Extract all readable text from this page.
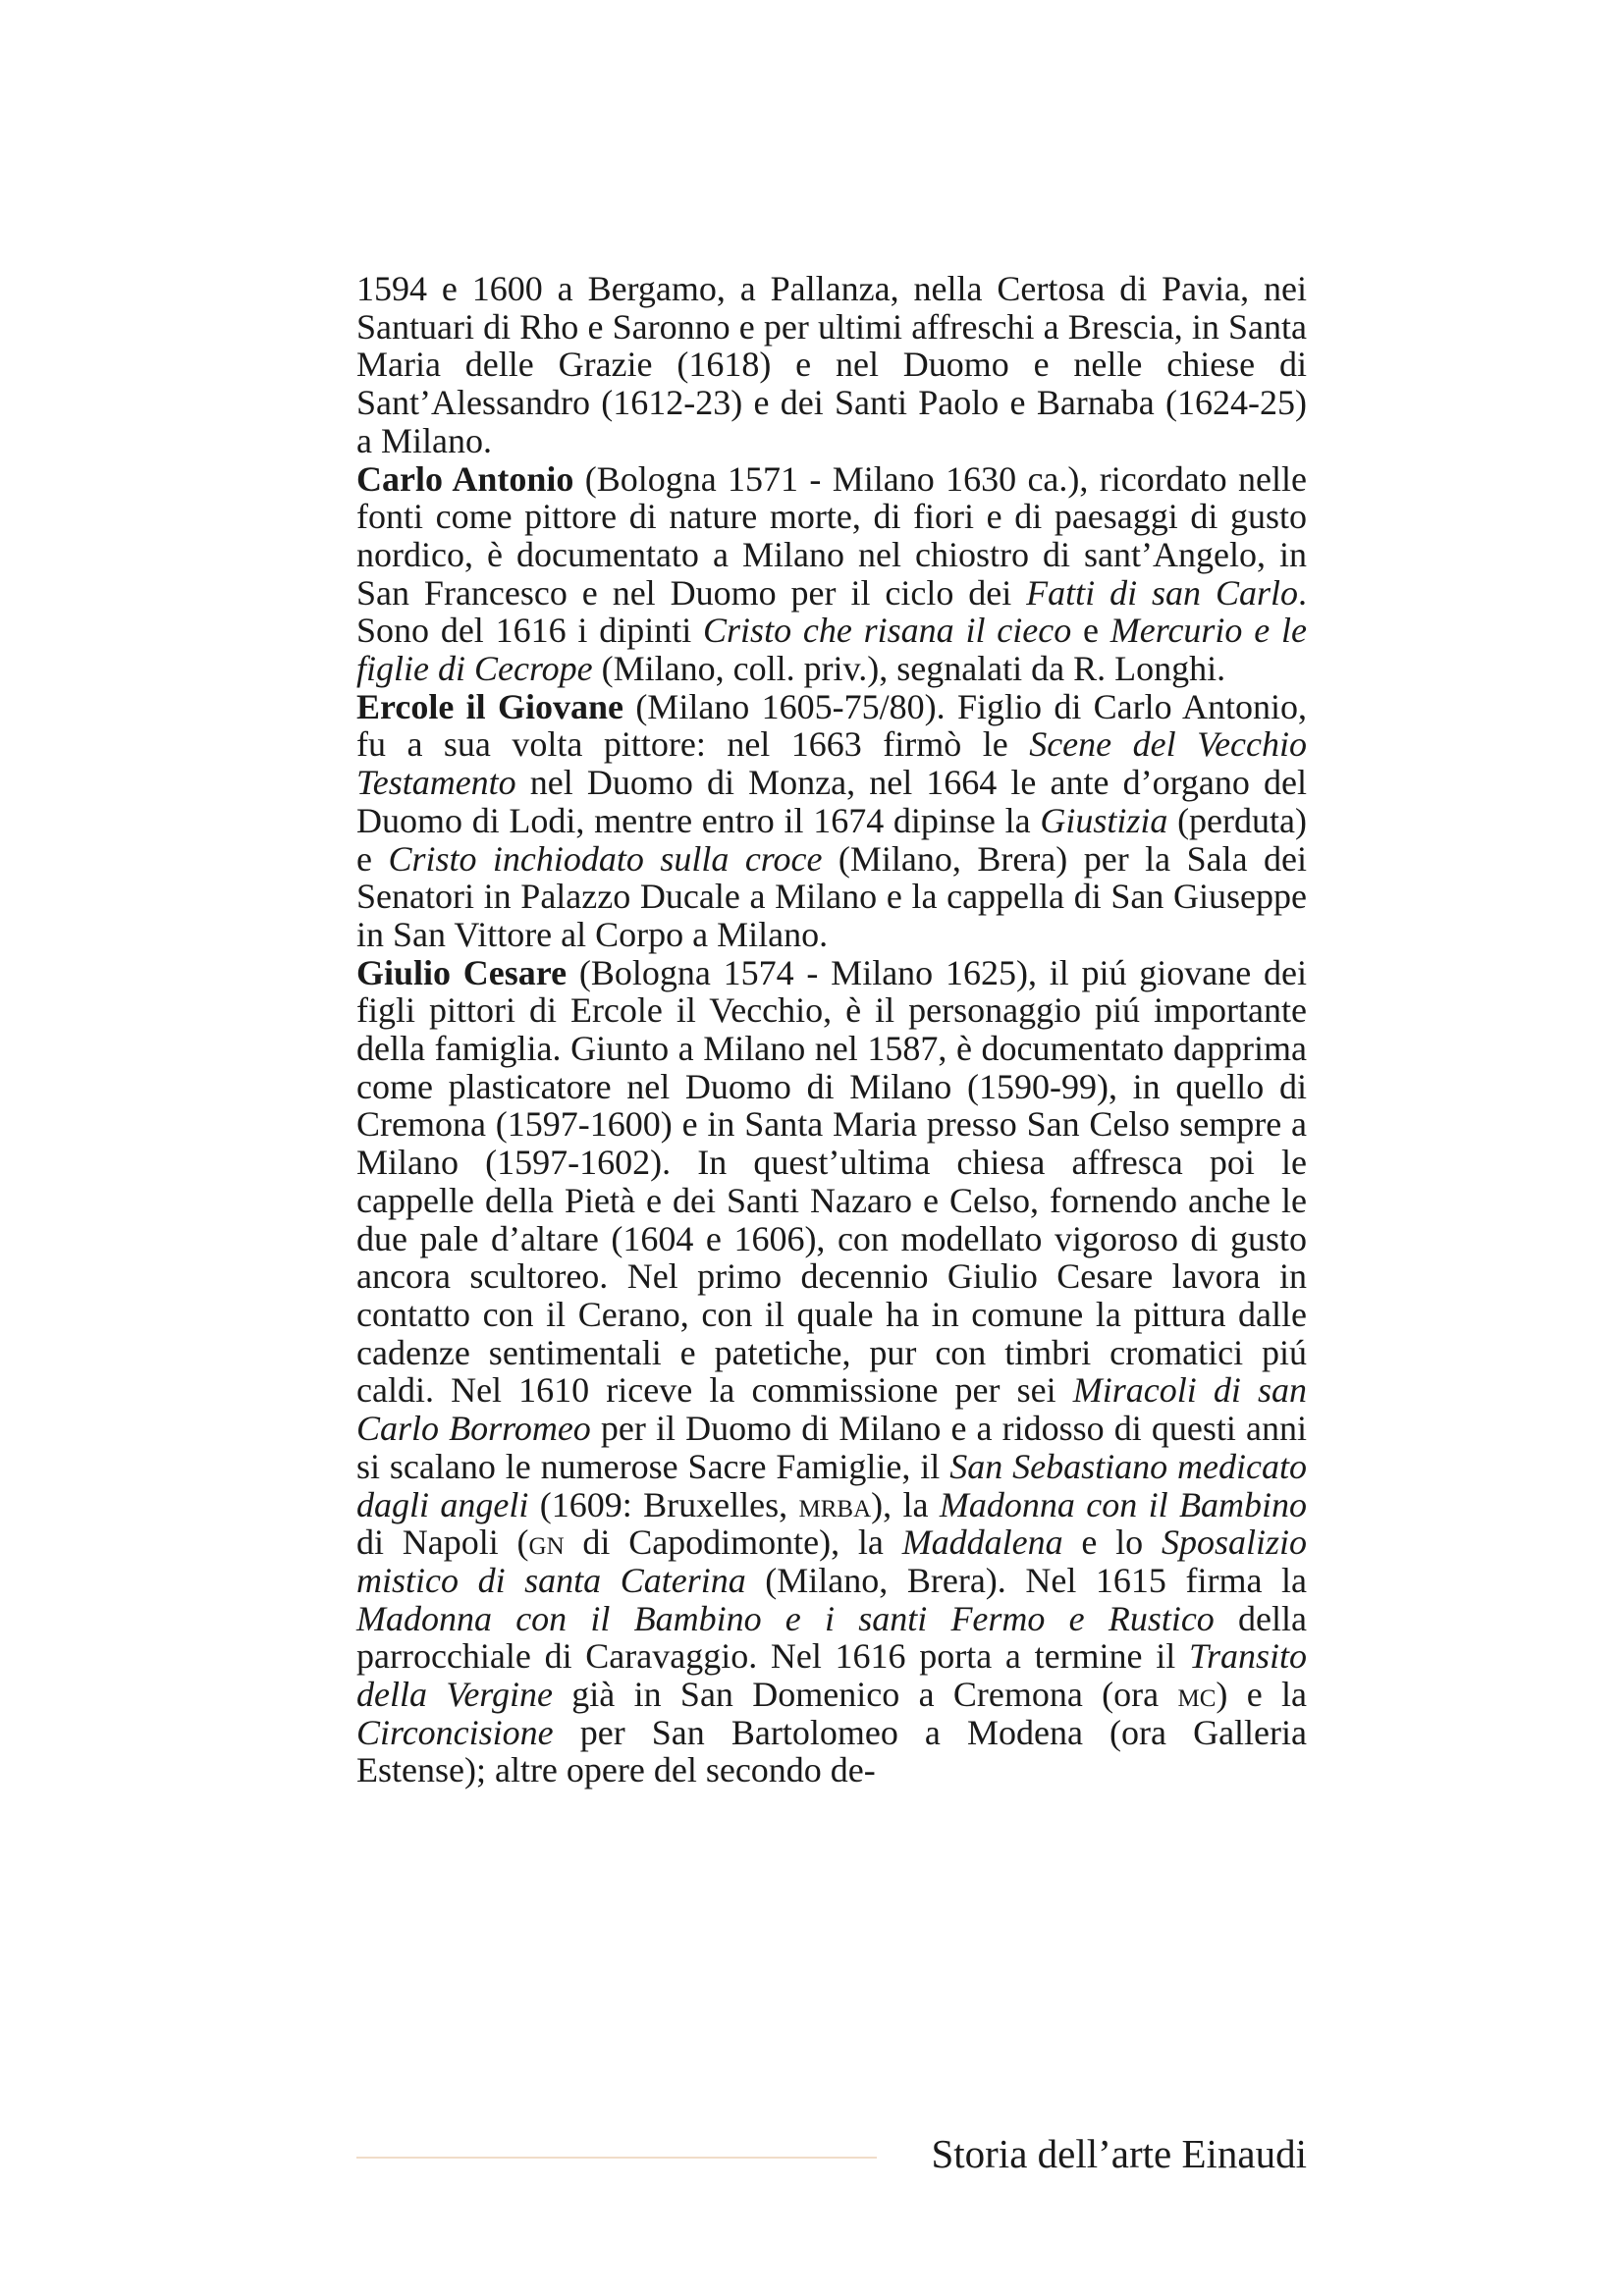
1594 e 1600 a Bergamo, a Pallanza, nella Certosa di Pavia, nei Santuari di Rho e Saronno e per ultimi affreschi a Brescia, in Santa Maria delle Grazie (1618) e nel Duomo e nelle chiese di Sant’Alessandro (1612-23) e dei Santi Paolo e Barnaba (1624-25) a Milano.

Carlo Antonio (Bologna 1571 - Milano 1630 ca.), ricordato nelle fonti come pittore di nature morte, di fiori e di paesaggi di gusto nordico, è documentato a Milano nel chiostro di sant’Angelo, in San Francesco e nel Duomo per il ciclo dei Fatti di san Carlo. Sono del 1616 i dipinti Cristo che risana il cieco e Mercurio e le figlie di Cecrope (Milano, coll. priv.), segnalati da R. Longhi.

Ercole il Giovane (Milano 1605-75/80). Figlio di Carlo Antonio, fu a sua volta pittore: nel 1663 firmò le Scene del Vecchio Testamento nel Duomo di Monza, nel 1664 le ante d’organo del Duomo di Lodi, mentre entro il 1674 dipinse la Giustizia (perduta) e Cristo inchiodato sulla croce (Milano, Brera) per la Sala dei Senatori in Palazzo Ducale a Milano e la cappella di San Giuseppe in San Vittore al Corpo a Milano.

Giulio Cesare (Bologna 1574 - Milano 1625), il piú giovane dei figli pittori di Ercole il Vecchio, è il personaggio piú importante della famiglia. Giunto a Milano nel 1587, è documentato dapprima come plasticatore nel Duomo di Milano (1590-99), in quello di Cremona (1597-1600) e in Santa Maria presso San Celso sempre a Milano (1597-1602). In quest’ultima chiesa affresca poi le cappelle della Pietà e dei Santi Nazaro e Celso, fornendo anche le due pale d’altare (1604 e 1606), con modellato vigoroso di gusto ancora scultoreo. Nel primo decennio Giulio Cesare lavora in contatto con il Cerano, con il quale ha in comune la pittura dalle cadenze sentimentali e patetiche, pur con timbri cromatici piú caldi. Nel 1610 riceve la commissione per sei Miracoli di san Carlo Borromeo per il Duomo di Milano e a ridosso di questi anni si scalano le numerose Sacre Famiglie, il San Sebastiano medicato dagli angeli (1609: Bruxelles, mrba), la Madonna con il Bambino di Napoli (gn di Capodimonte), la Maddalena e lo Sposalizio mistico di santa Caterina (Milano, Brera). Nel 1615 firma la Madonna con il Bambino e i santi Fermo e Rustico della parrocchiale di Caravaggio. Nel 1616 porta a termine il Transito della Vergine già in San Domenico a Cremona (ora mc) e la Circoncisione per San Bartolomeo a Modena (ora Galleria Estense); altre opere del secondo de-

Storia dell’arte Einaudi
